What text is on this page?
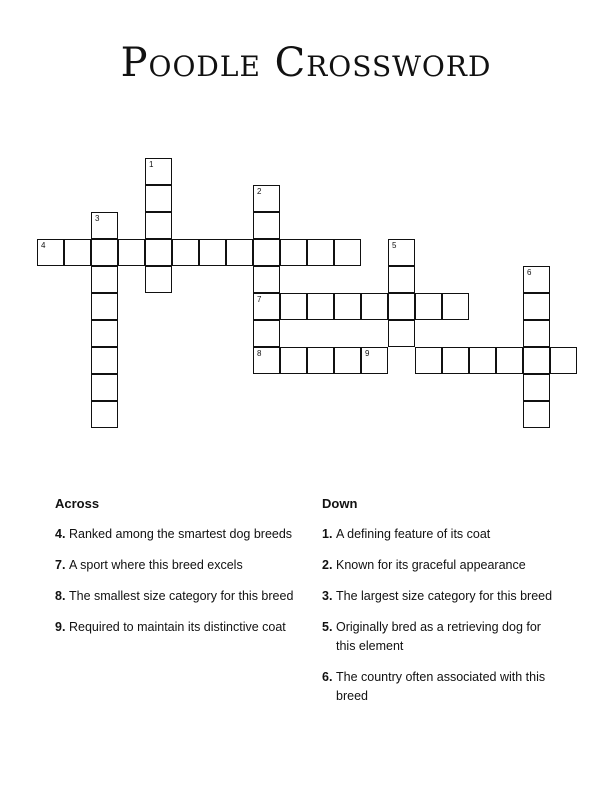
Poodle Crossword
1
2
7
8
3
4	5
6
9
Across
4. Ranked among the smartest dog breeds
7. A sport where this breed excels
8. The smallest size category for this breed
9. Required to maintain its distinctive coat
Down
1. A defining feature of its coat
2. Known for its graceful appearance
3. The largest size category for this breed
5. Originally bred as a retrieving dog for this element
6. The country often associated with this breed
